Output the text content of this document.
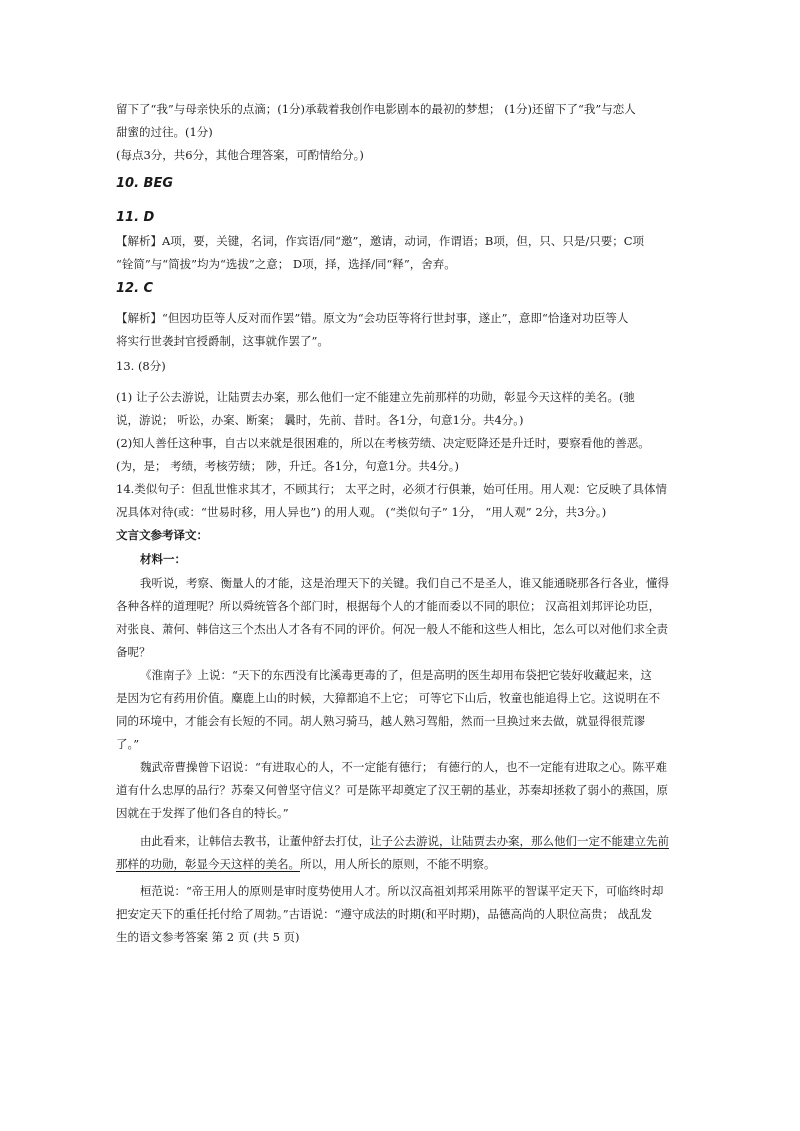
留下了“我”与母亲快乐的点滴；(1分)承载着我创作电影剧本的最初的梦想； (1分)还留下了“我”与恋人
甜蜜的过往。(1分)
(每点3分，共6分，其他合理答案，可酌情给分。)
10. BEG
11. D
【解析】A项，要，关键，名词，作宾语/同“邀”，邀请，动词，作谓语；B项，但，只、只是/只要；C项
“铨简”与“简拔”均为“选拔”之意； D项，择，选择/同“释”，舍弃。
12. C
【解析】“但因功臣等人反对而作罢”错。原文为“会功臣等将行世封事，遂止”，意即“恰逢对功臣等人
将实行世袭封官授爵制，这事就作罢了”。
13. (8分)
(1) 让子公去游说，让陆贾去办案，那么他们一定不能建立先前那样的功勋，彰显今天这样的美名。(驰
说，游说； 听讼，办案、断案； 曩时，先前、昔时。各1分，句意1分。共4分。)
(2)知人善任这种事，自古以来就是很困难的，所以在考核劳绩、决定贬降还是升迁时，要察看他的善恶。
(为，是； 考绩，考核劳绩； 陟，升迁。各1分，句意1分。共4分。)
14.类似句子：但乱世惟求其才，不顾其行； 太平之时，必须才行俱兼，始可任用。用人观：它反映了具体情
况具体对待(或：“世易时移，用人异也”) 的用人观。 (“类似句子” 1分， “用人观” 2分，共3分。)
文言文参考译文：
材料一：
我听说，考察、衡量人的才能，这是治理天下的关键。我们自己不是圣人，谁又能通晓那各行各业，懂得
各种各样的道理呢？所以舜统管各个部门时，根据每个人的才能而委以不同的职位； 汉高祖刘邦评论功臣，
对张良、萧何、韩信这三个杰出人才各有不同的评价。何况一般人不能和这些人相比，怎么可以对他们求全责
备呢？
《淮南子》上说：“天下的东西没有比溪毒更毒的了，但是高明的医生却用布袋把它装好收藏起来，这
是因为它有药用价值。麋鹿上山的时候，大獐都追不上它； 可等它下山后，牧童也能追得上它。这说明在不
同的环境中，才能会有长短的不同。胡人熟习骑马，越人熟习驾船，然而一旦换过来去做，就显得很荒谬
了。”
魏武帝曹操曾下诏说：“有进取心的人，不一定能有德行； 有德行的人，也不一定能有进取之心。陈平难
道有什么忠厚的品行？苏秦又何曾坚守信义？可是陈平却奠定了汉王朝的基业，苏秦却拯救了弱小的燕国，原
因就在于发挥了他们各自的特长。”
由此看来，让韩信去教书，让董仲舒去打仗，让子公去游说，让陆贾去办案，那么他们一定不能建立先前
那样的功勋，彰显今天这样的美名。所以，用人所长的原则，不能不明察。
桓范说：“帝王用人的原则是审时度势使用人才。所以汉高祖刘邦采用陈平的智谋平定天下，可临终时却
把安定天下的重任托付给了周勃。”古语说：“遵守成法的时期(和平时期)，品德高尚的人职位高贵； 战乱发
生的语文参考答案 第 2 页 (共 5 页)
